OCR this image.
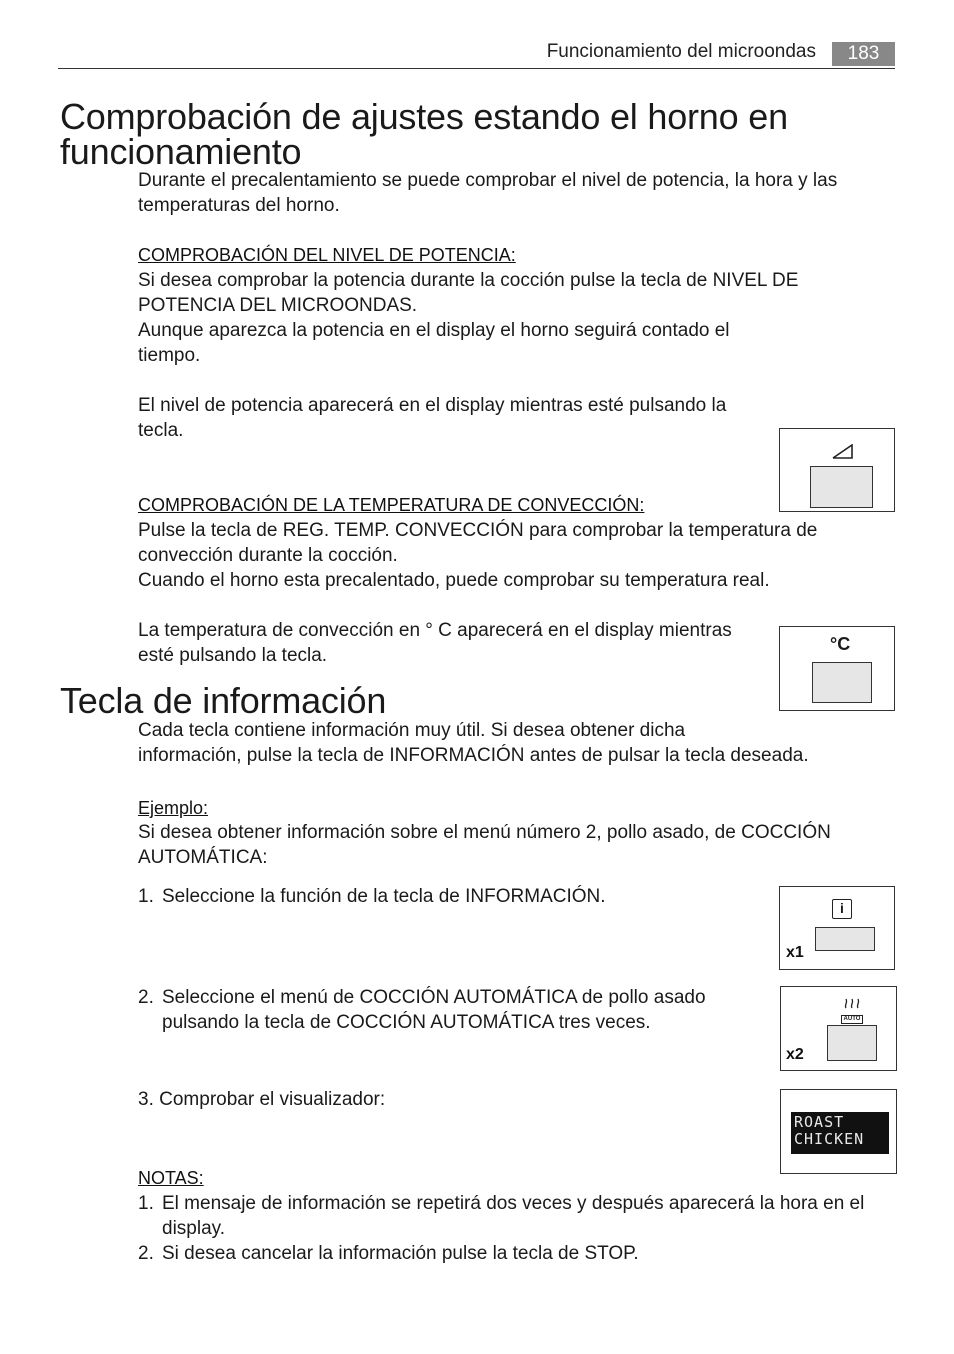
Funcionamiento del microondas	183
Comprobación de ajustes estando el horno en
funcionamiento
Durante el precalentamiento se puede comprobar el nivel de potencia, la hora y las
temperaturas del horno.
COMPROBACIÓN DEL NIVEL DE POTENCIA:
Si desea comprobar la potencia durante la cocción pulse la tecla de NIVEL DE
POTENCIA DEL MICROONDAS.
Aunque aparezca la potencia en el display el horno seguirá contado el
tiempo.
El nivel de potencia aparecerá en el display mientras esté pulsando la
tecla.
COMPROBACIÓN DE LA TEMPERATURA DE CONVECCIÓN:
Pulse la tecla de REG. TEMP. CONVECCIÓN para comprobar la temperatura de
convección durante la cocción.
Cuando el horno esta precalentado, puede comprobar su temperatura real.
La temperatura de convección en ° C aparecerá en el display mientras
esté pulsando la tecla.
°C
Tecla de información
Cada tecla contiene información muy útil. Si desea obtener dicha
información, pulse la tecla de INFORMACIÓN antes de pulsar la tecla deseada.
Ejemplo:
Si desea obtener información sobre el menú número 2, pollo asado, de COCCIÓN
AUTOMÁTICA:
1. Seleccione la función de la tecla de INFORMACIÓN.
2. Seleccione el menú de COCCIÓN AUTOMÁTICA de pollo asado
pulsando la tecla de COCCIÓN AUTOMÁTICA tres veces.
3. Comprobar el visualizador:
i
x1
AUTO
x2
ROAST
CHICKEN
NOTAS:
1. El mensaje de información se repetirá dos veces y después aparecerá la hora en el
display.
2. Si desea cancelar la información pulse la tecla de STOP.
